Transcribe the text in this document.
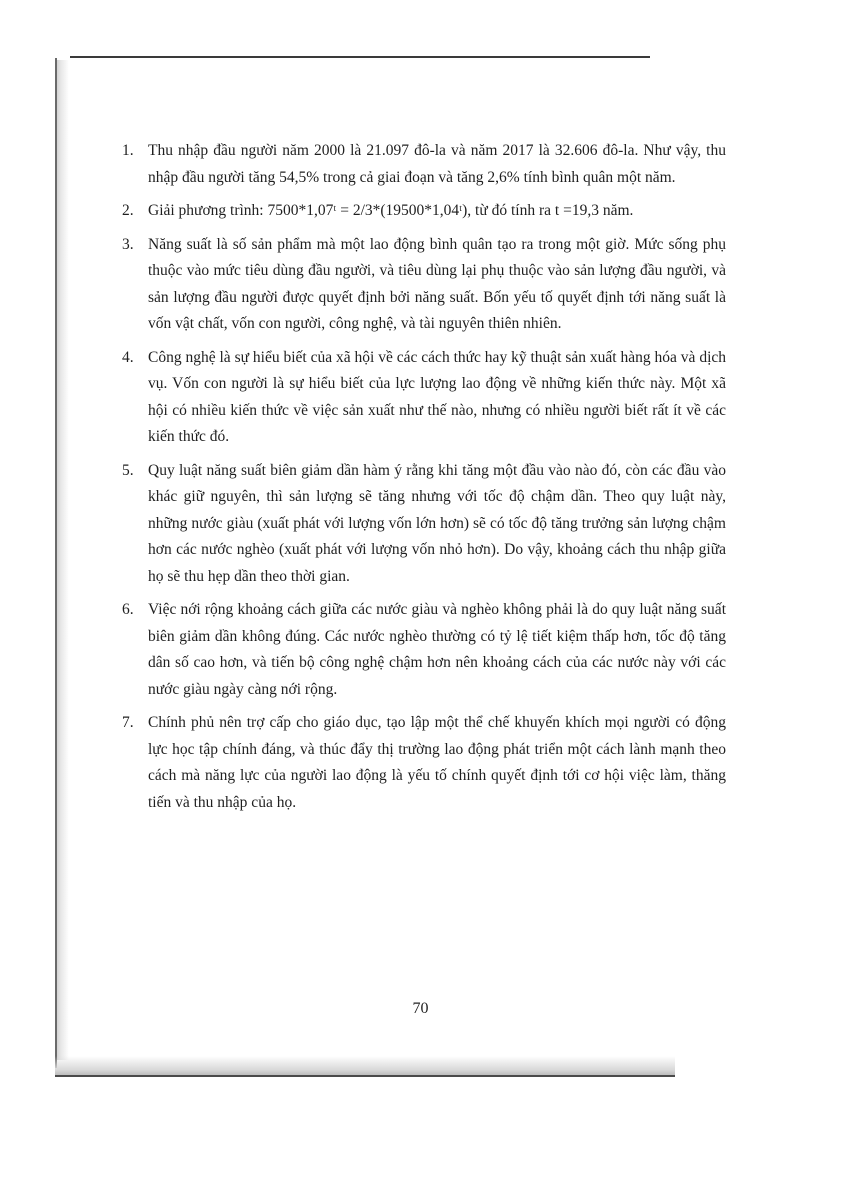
1. Thu nhập đầu người năm 2000 là 21.097 đô-la và năm 2017 là 32.606 đô-la. Như vậy, thu nhập đầu người tăng 54,5% trong cả giai đoạn và tăng 2,6% tính bình quân một năm.
2. Giải phương trình: 7500*1,07ᵗ = 2/3*(19500*1,04ᵗ), từ đó tính ra t =19,3 năm.
3. Năng suất là số sản phẩm mà một lao động bình quân tạo ra trong một giờ. Mức sống phụ thuộc vào mức tiêu dùng đầu người, và tiêu dùng lại phụ thuộc vào sản lượng đầu người, và sản lượng đầu người được quyết định bởi năng suất. Bốn yếu tố quyết định tới năng suất là vốn vật chất, vốn con người, công nghệ, và tài nguyên thiên nhiên.
4. Công nghệ là sự hiểu biết của xã hội về các cách thức hay kỹ thuật sản xuất hàng hóa và dịch vụ. Vốn con người là sự hiểu biết của lực lượng lao động về những kiến thức này. Một xã hội có nhiều kiến thức về việc sản xuất như thế nào, nhưng có nhiều người biết rất ít về các kiến thức đó.
5. Quy luật năng suất biên giảm dần hàm ý rằng khi tăng một đầu vào nào đó, còn các đầu vào khác giữ nguyên, thì sản lượng sẽ tăng nhưng với tốc độ chậm dần. Theo quy luật này, những nước giàu (xuất phát với lượng vốn lớn hơn) sẽ có tốc độ tăng trưởng sản lượng chậm hơn các nước nghèo (xuất phát với lượng vốn nhỏ hơn). Do vậy, khoảng cách thu nhập giữa họ sẽ thu hẹp dần theo thời gian.
6. Việc nới rộng khoảng cách giữa các nước giàu và nghèo không phải là do quy luật năng suất biên giảm dần không đúng. Các nước nghèo thường có tỷ lệ tiết kiệm thấp hơn, tốc độ tăng dân số cao hơn, và tiến bộ công nghệ chậm hơn nên khoảng cách của các nước này với các nước giàu ngày càng nới rộng.
7. Chính phủ nên trợ cấp cho giáo dục, tạo lập một thể chế khuyến khích mọi người có động lực học tập chính đáng, và thúc đẩy thị trường lao động phát triển một cách lành mạnh theo cách mà năng lực của người lao động là yếu tố chính quyết định tới cơ hội việc làm, thăng tiến và thu nhập của họ.
70
